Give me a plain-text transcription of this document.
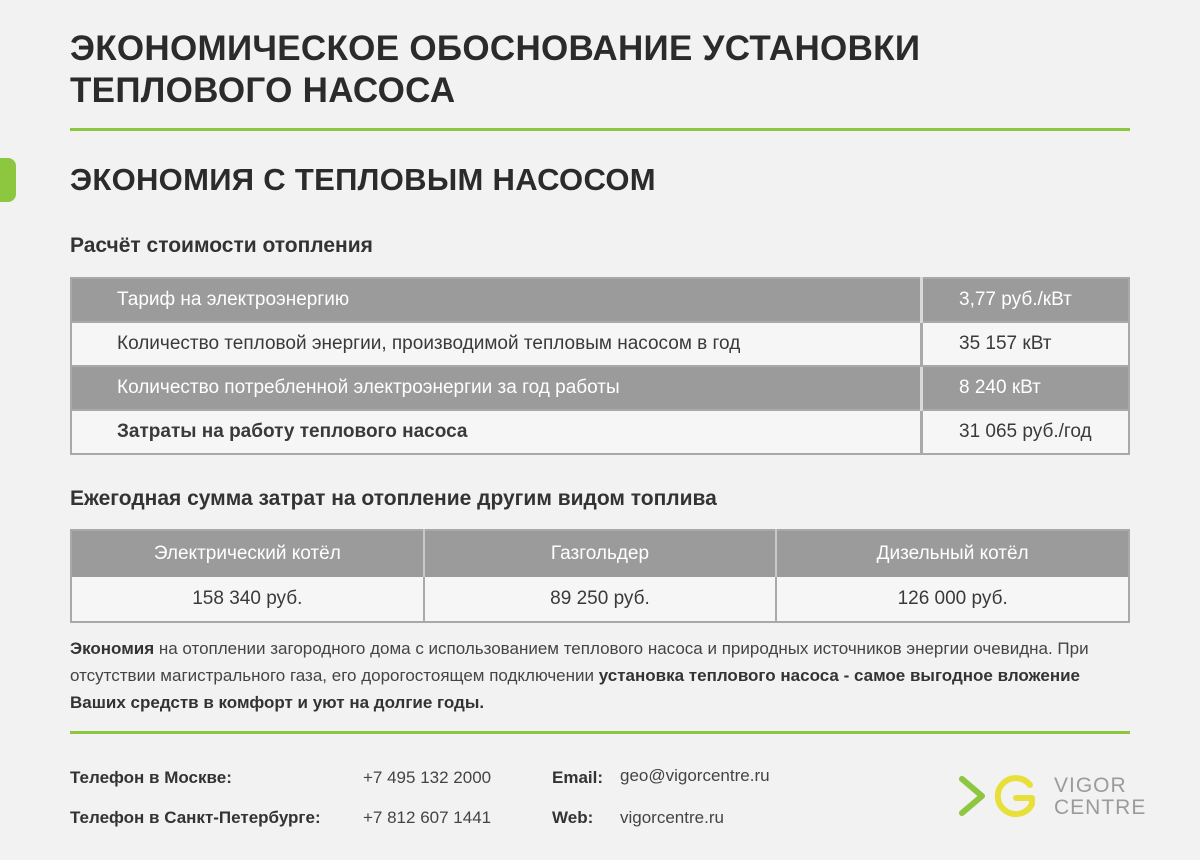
ЭКОНОМИЧЕСКОЕ ОБОСНОВАНИЕ УСТАНОВКИ
ТЕПЛОВОГО НАСОСА
ЭКОНОМИЯ С ТЕПЛОВЫМ НАСОСОМ
Расчёт стоимости отопления
Тариф на электроэнергию	3,77 руб./кВт
Количество тепловой энергии, производимой тепловым насосом в год	35 157 кВт
Количество потребленной электроэнергии за год работы	8 240 кВт
Затраты на работу теплового насоса	31 065 руб./год
Ежегодная сумма затрат на отопление другим видом топлива
Электрический котёл	Газгольдер	Дизельный котёл
158 340 руб.	89 250 руб.	126 000 руб.

Экономия на отоплении загородного дома с использованием теплового насоса и природных источников энергии очевидна. При отсутствии магистрального газа, его дорогостоящем подключении установка теплового насоса - самое выгодное вложение Ваших средств в комфорт и уют на долгие годы.

Телефон в Москве:	+7 495 132 2000
Телефон в Санкт-Петербурге: +7 812 607 1441
Email: geo@vigorcentre.ru
Web: vigorcentre.ru
VIGOR
CENTRE
